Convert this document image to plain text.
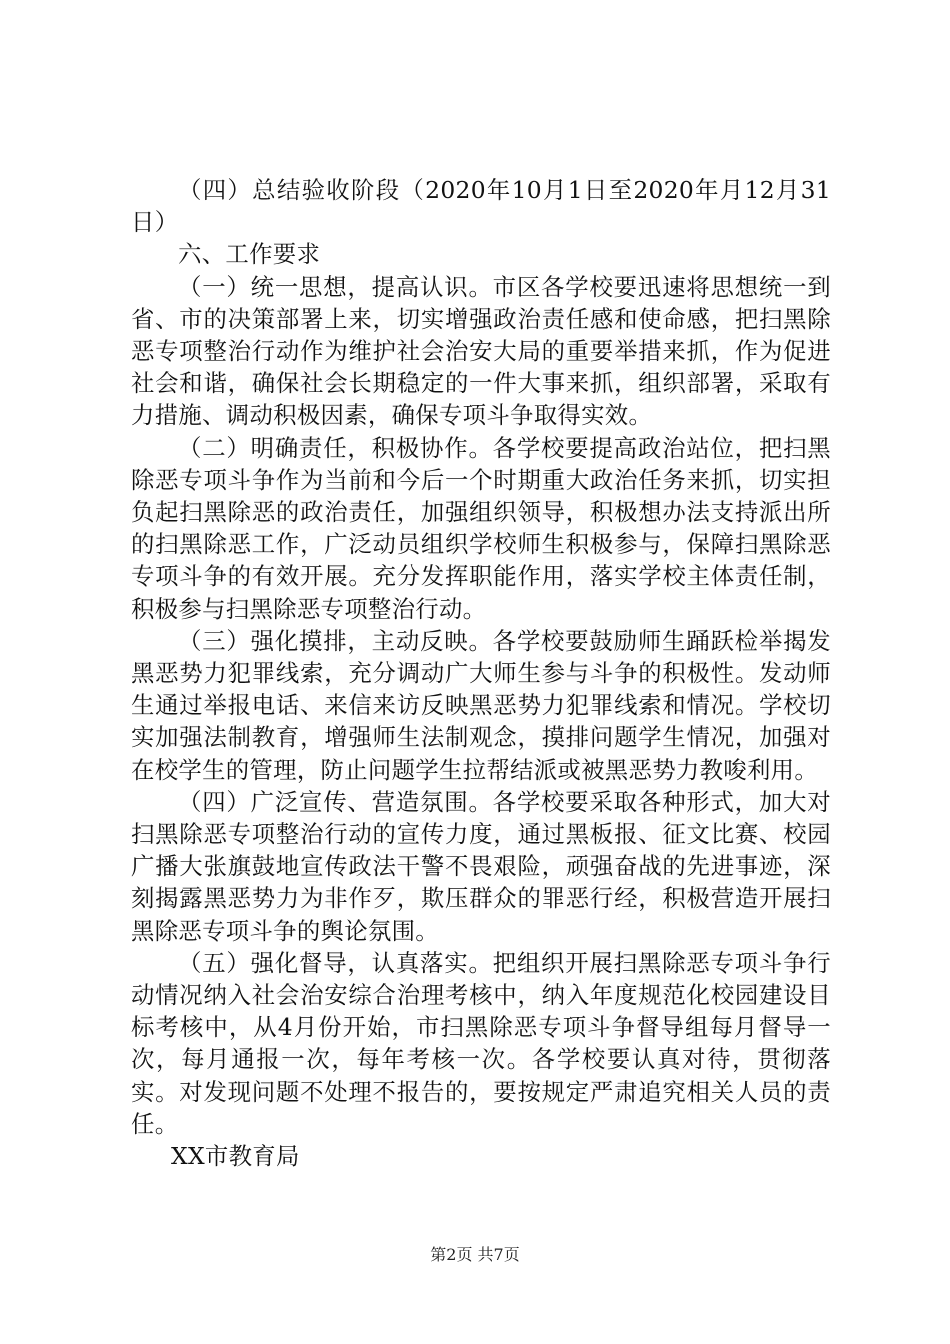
（四）总结验收阶段（2020年10月1日至2020年月12月31日）

六、工作要求

（一）统一思想，提高认识。市区各学校要迅速将思想统一到省、市的决策部署上来，切实增强政治责任感和使命感，把扫黑除恶专项整治行动作为维护社会治安大局的重要举措来抓，作为促进社会和谐，确保社会长期稳定的一件大事来抓，组织部署，采取有力措施、调动积极因素，确保专项斗争取得实效。

（二）明确责任，积极协作。各学校要提高政治站位，把扫黑除恶专项斗争作为当前和今后一个时期重大政治任务来抓，切实担负起扫黑除恶的政治责任，加强组织领导，积极想办法支持派出所的扫黑除恶工作，广泛动员组织学校师生积极参与，保障扫黑除恶专项斗争的有效开展。充分发挥职能作用，落实学校主体责任制，积极参与扫黑除恶专项整治行动。

（三）强化摸排，主动反映。各学校要鼓励师生踊跃检举揭发黑恶势力犯罪线索，充分调动广大师生参与斗争的积极性。发动师生通过举报电话、来信来访反映黑恶势力犯罪线索和情况。学校切实加强法制教育，增强师生法制观念，摸排问题学生情况，加强对在校学生的管理，防止问题学生拉帮结派或被黑恶势力教唆利用。

（四）广泛宣传、营造氛围。各学校要采取各种形式，加大对扫黑除恶专项整治行动的宣传力度，通过黑板报、征文比赛、校园广播大张旗鼓地宣传政法干警不畏艰险，顽强奋战的先进事迹，深刻揭露黑恶势力为非作歹，欺压群众的罪恶行经，积极营造开展扫黑除恶专项斗争的舆论氛围。

（五）强化督导，认真落实。把组织开展扫黑除恶专项斗争行动情况纳入社会治安综合治理考核中，纳入年度规范化校园建设目标考核中，从4月份开始，市扫黑除恶专项斗争督导组每月督导一次，每月通报一次，每年考核一次。各学校要认真对待，贯彻落实。对发现问题不处理不报告的，要按规定严肃追究相关人员的责任。

XX市教育局

第2页 共7页
